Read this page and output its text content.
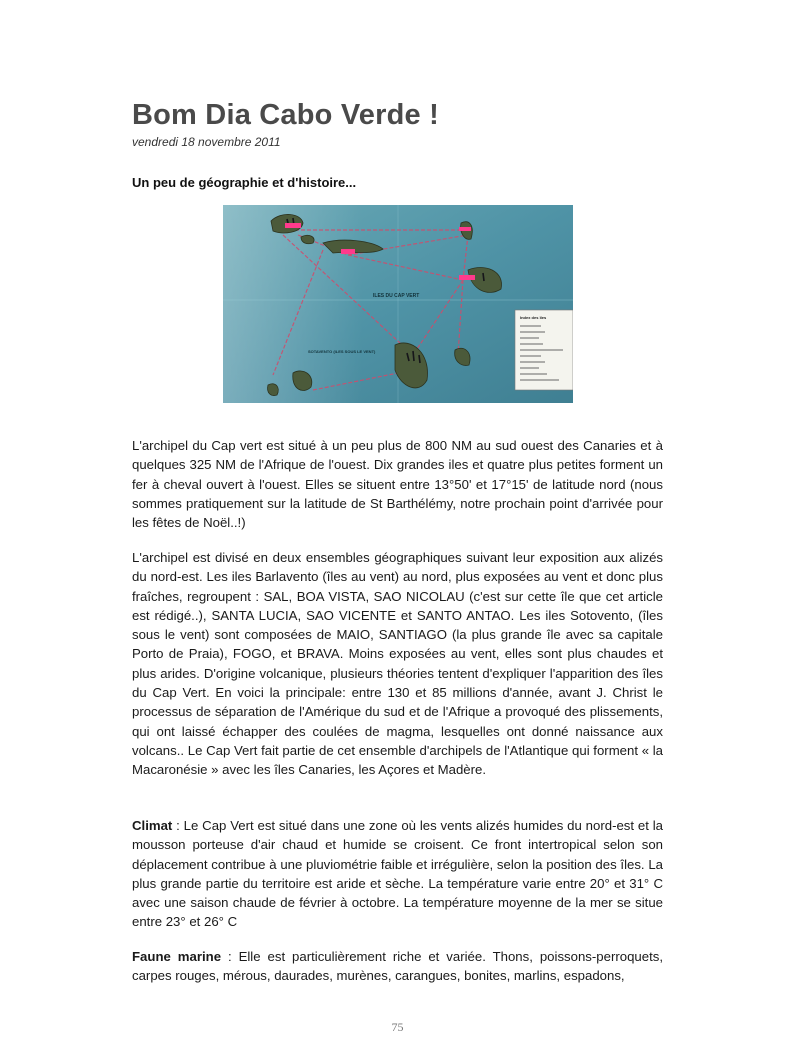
Bom Dia Cabo Verde !
vendredi 18 novembre 2011
Un peu de géographie et d'histoire...
ILES DU CAP VERT
SOTAVENTO (ILES SOUS LE VENT)
Index des îles
L'archipel du Cap vert est situé à un peu plus de 800 NM au sud ouest des Canaries et à quelques 325 NM de l'Afrique de l'ouest. Dix grandes iles et quatre plus petites forment un fer à cheval ouvert à l'ouest. Elles se situent entre 13°50' et 17°15' de latitude nord (nous sommes pratiquement sur la latitude de St Barthélémy, notre prochain point d'arrivée pour les fêtes de Noël..!)
L'archipel est divisé en deux ensembles géographiques suivant leur exposition aux alizés du nord-est. Les iles Barlavento (îles au vent) au nord, plus exposées au vent et donc plus fraîches, regroupent : SAL, BOA VISTA, SAO NICOLAU (c'est sur cette île que cet article est rédigé..), SANTA LUCIA, SAO VICENTE et SANTO ANTAO. Les iles Sotovento, (îles sous le vent) sont composées de MAIO, SANTIAGO (la plus grande île avec sa capitale Porto de Praia), FOGO, et BRAVA. Moins exposées au vent, elles sont plus chaudes et plus arides. D'origine volcanique, plusieurs théories tentent d'expliquer l'apparition des îles du Cap Vert. En voici la principale: entre 130 et 85 millions d'année, avant J. Christ le processus de séparation de l'Amérique du sud et de l'Afrique a provoqué des plissements, qui ont laissé échapper des coulées de magma, lesquelles ont donné naissance aux volcans.. Le Cap Vert fait partie de cet ensemble d'archipels de l'Atlantique qui forment « la Macaronésie » avec les îles Canaries, les Açores et Madère.
Climat : Le Cap Vert est situé dans une zone où les vents alizés humides du nord-est et la mousson porteuse d'air chaud et humide se croisent. Ce front intertropical selon son déplacement contribue à une pluviométrie faible et irrégulière, selon la position des îles. La plus grande partie du territoire est aride et sèche. La température varie entre 20° et 31° C avec une saison chaude de février à octobre. La température moyenne de la mer se situe entre 23° et 26° C
Faune marine : Elle est particulièrement riche et variée. Thons, poissons-perroquets, carpes rouges, mérous, daurades, murènes, carangues, bonites, marlins, espadons,
75
